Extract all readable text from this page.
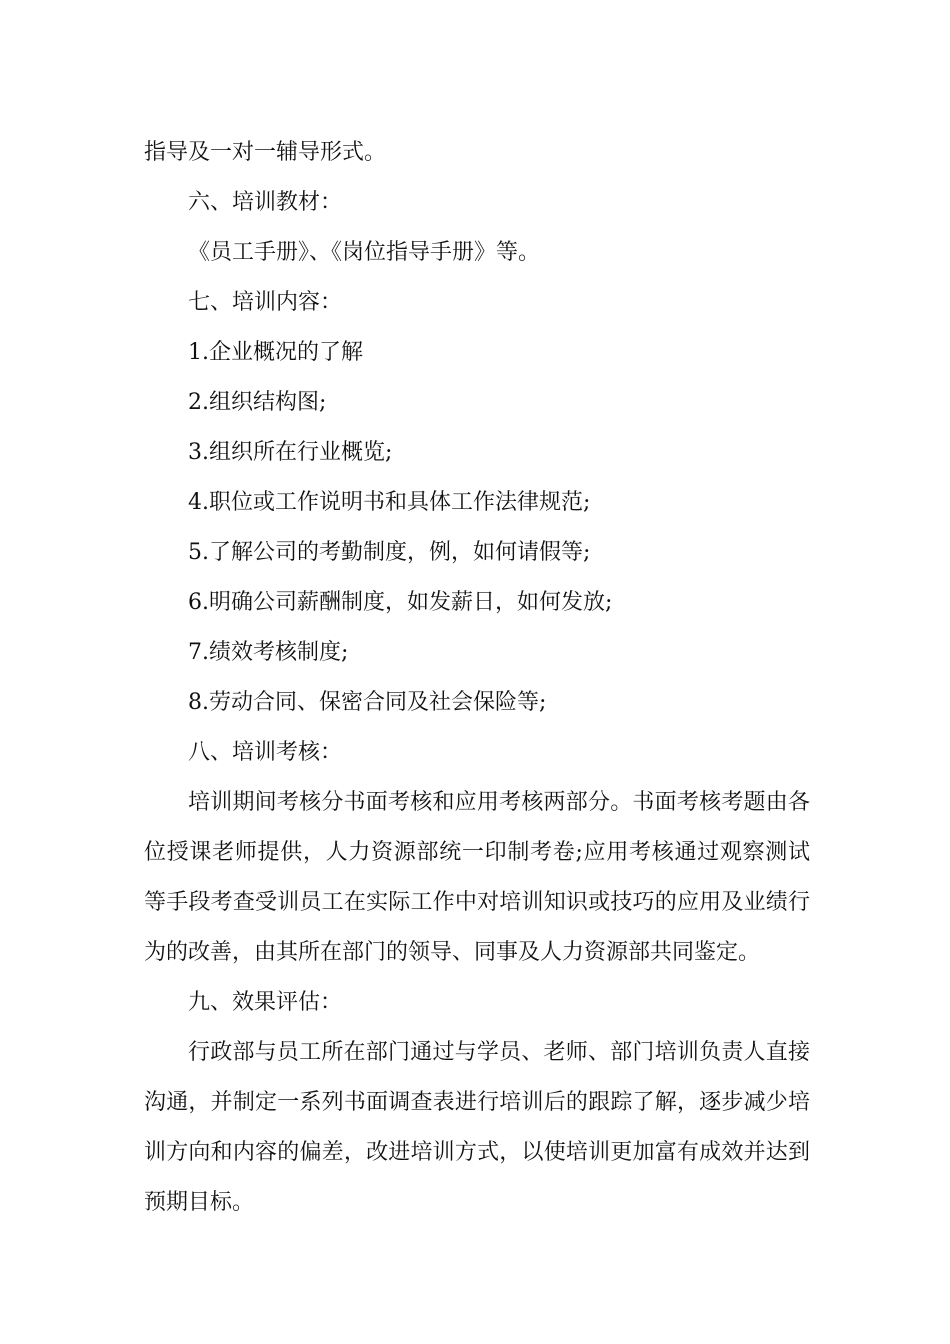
指导及一对一辅导形式。

六、培训教材：

《员工手册》、《岗位指导手册》等。

七、培训内容：

1.企业概况的了解

2.组织结构图;

3.组织所在行业概览;

4.职位或工作说明书和具体工作法律规范;

5.了解公司的考勤制度，例，如何请假等;

6.明确公司薪酬制度，如发薪日，如何发放;

7.绩效考核制度;

8.劳动合同、保密合同及社会保险等;

八、培训考核：

培训期间考核分书面考核和应用考核两部分。书面考核考题由各位授课老师提供，人力资源部统一印制考卷;应用考核通过观察测试等手段考查受训员工在实际工作中对培训知识或技巧的应用及业绩行为的改善，由其所在部门的领导、同事及人力资源部共同鉴定。

九、效果评估：

行政部与员工所在部门通过与学员、老师、部门培训负责人直接沟通，并制定一系列书面调查表进行培训后的跟踪了解，逐步减少培训方向和内容的偏差，改进培训方式，以使培训更加富有成效并达到预期目标。
